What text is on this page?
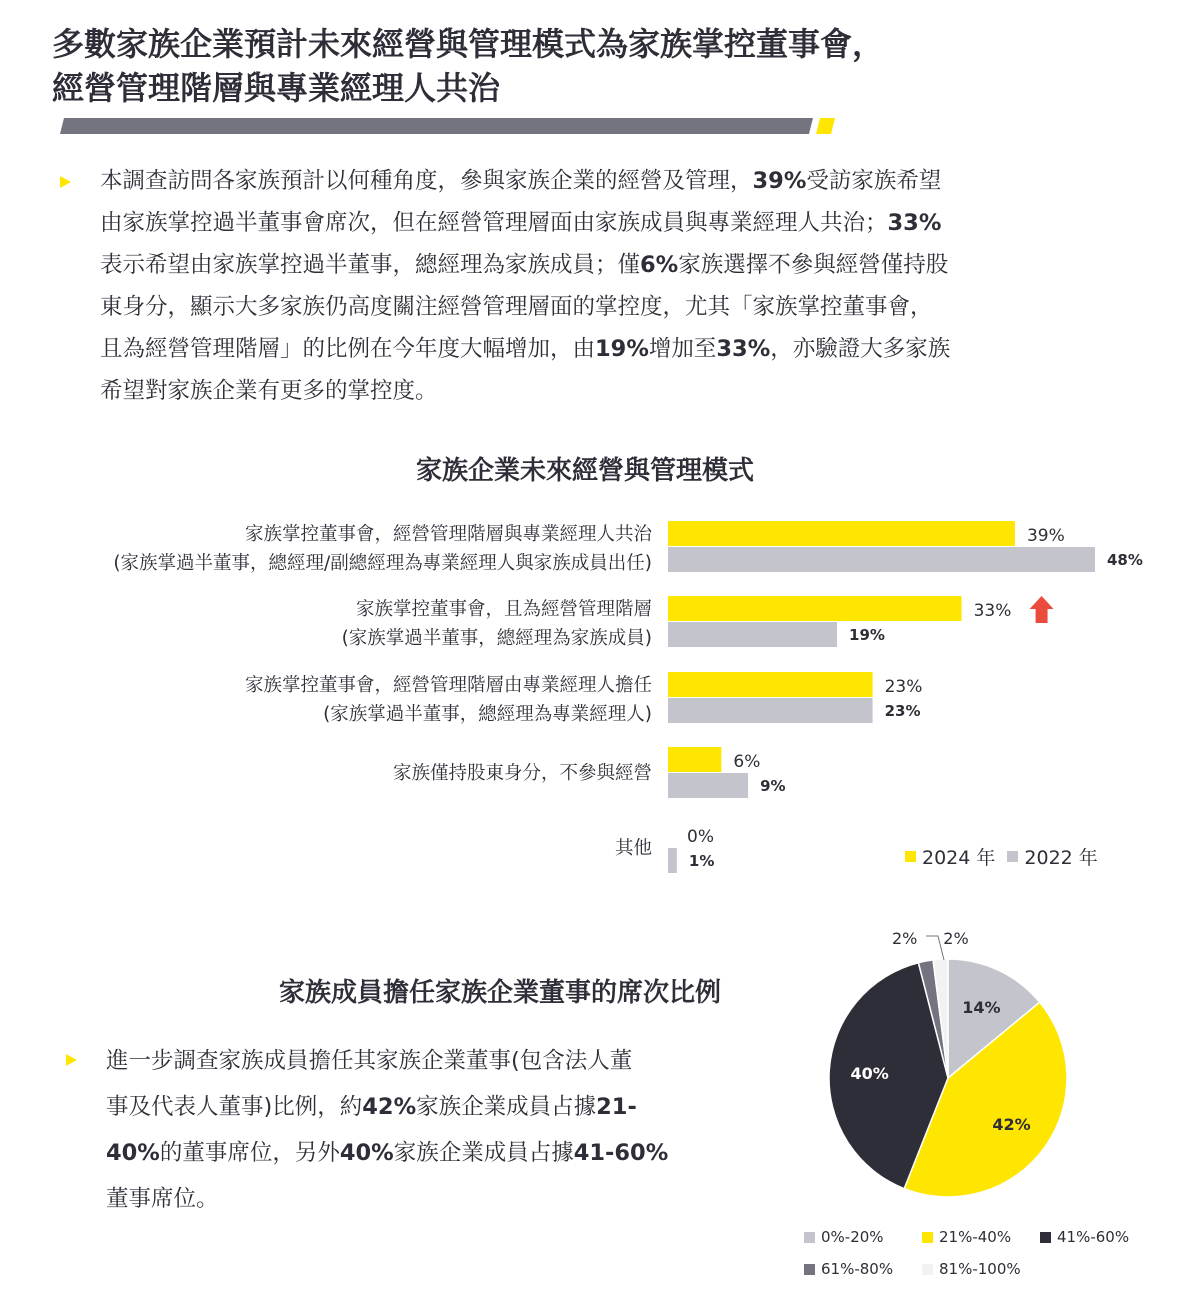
多數家族企業預計未來經營與管理模式為家族掌控董事會，
經營管理階層與專業經理人共治
本調查訪問各家族預計以何種角度，參與家族企業的經營及管理，39%受訪家族希望
由家族掌控過半董事會席次，但在經營管理層面由家族成員與專業經理人共治；33%
表示希望由家族掌控過半董事，總經理為家族成員；僅6%家族選擇不參與經營僅持股
東身分，顯示大多家族仍高度關注經營管理層面的掌控度，尤其「家族掌控董事會，
且為經營管理階層」的比例在今年度大幅增加，由19%增加至33%，亦驗證大多家族
希望對家族企業有更多的掌控度。
家族企業未來經營與管理模式
家族掌控董事會，經營管理階層與專業經理人共治
(家族掌過半董事，總經理/副總經理為專業經理人與家族成員出任)
39%
48%
家族掌控董事會，且為經營管理階層
(家族掌過半董事，總經理為家族成員)
33%
19%
家族掌控董事會，經營管理階層由專業經理人擔任
(家族掌過半董事，總經理為專業經理人)
23%
23%
家族僅持股東身分，不參與經營
6%
9%
其他
0%
1%	2024 年 2022 年
家族成員擔任家族企業董事的席次比例
進一步調查家族成員擔任其家族企業董事(包含法人董
事及代表人董事)比例，約42%家族企業成員占據21-
40%的董事席位，另外40%家族企業成員占據41-60%
董事席位。
14%
42%
40%
2% 2%
0%-20%	21%-40%	41%-60%
61%-80%	81%-100%
